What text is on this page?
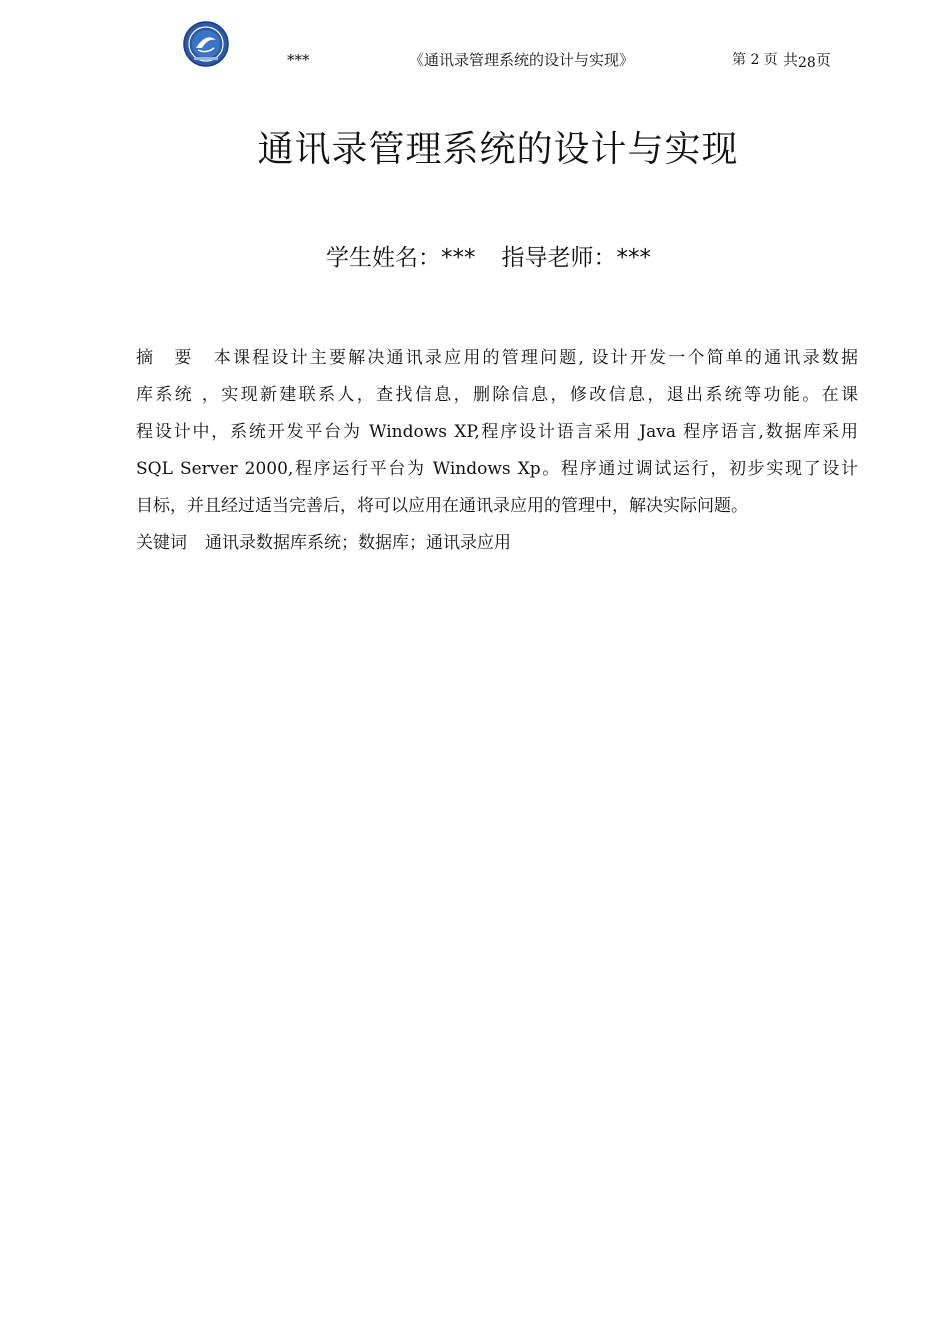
***	《通讯录管理系统的设计与实现》	第 2 页 共28页
通讯录管理系统的设计与实现
学生姓名：*** 指导老师：***
摘　要 本课程设计主要解决通讯录应用的管理问题, 设计开发一个简单的通讯录数据
库系统 ，实现新建联系人，查找信息，删除信息，修改信息，退出系统等功能。在课
程设计中，系统开发平台为 Windows XP,程序设计语言采用 Java 程序语言,数据库采用
SQL Server 2000,程序运行平台为 Windows Xp。程序通过调试运行，初步实现了设计
目标，并且经过适当完善后，将可以应用在通讯录应用的管理中，解决实际问题。
关键词 通讯录数据库系统；数据库；通讯录应用
